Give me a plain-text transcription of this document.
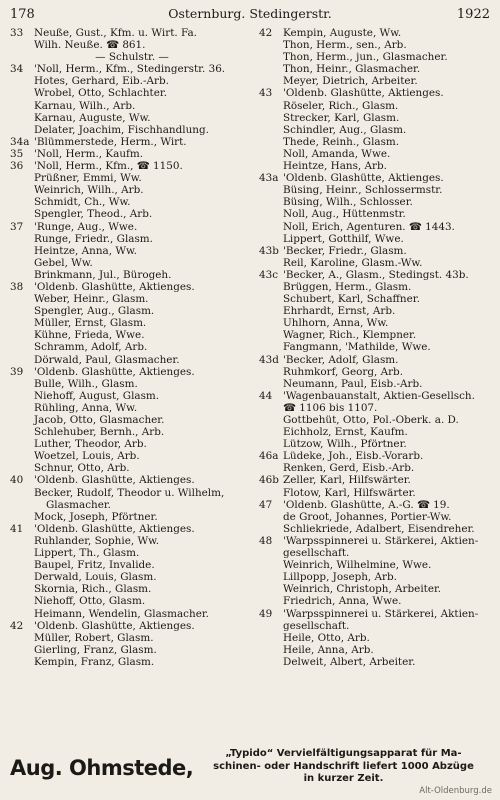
178	Osternburg. Stedingerstr.	1922
33 Neuße, Gust., Kfm. u. Wirt. Fa.
Wilh. Neuße. ☎ 861.
— Schulstr. —
34 'Noll, Herm., Kfm., Stedingerstr. 36.
Hotes, Gerhard, Eib.-Arb.
Wrobel, Otto, Schlachter.
Karnau, Wilh., Arb.
Karnau, Auguste, Ww.
Delater, Joachim, Fischhandlung.
34a 'Blümmerstede, Herm., Wirt.
35 'Noll, Herm., Kaufm.
36 'Noll, Herm., Kfm., ☎ 1150.
Prüßner, Emmi, Ww.
Weinrich, Wilh., Arb.
Schmidt, Ch., Ww.
Spengler, Theod., Arb.
37 'Runge, Aug., Wwe.
Runge, Friedr., Glasm.
Heintze, Anna, Ww.
Gebel, Ww.
Brinkmann, Jul., Bürogeh.
38 'Oldenb. Glashütte, Aktienges.
Weber, Heinr., Glasm.
Spengler, Aug., Glasm.
Müller, Ernst, Glasm.
Kühne, Frieda, Wwe.
Schramm, Adolf, Arb.
Dörwald, Paul, Glasmacher.
39 'Oldenb. Glashütte, Aktienges.
Bulle, Wilh., Glasm.
Niehoff, August, Glasm.
Rühling, Anna, Ww.
Jacob, Otto, Glasmacher.
Schlehuber, Bernh., Arb.
Luther, Theodor, Arb.
Woetzel, Louis, Arb.
Schnur, Otto, Arb.
40 'Oldenb. Glashütte, Aktienges.
Becker, Rudolf, Theodor u. Wilhelm,
Glasmacher.
Mock, Joseph, Pförtner.
41 'Oldenb. Glashütte, Aktienges.
Ruhlander, Sophie, Ww.
Lippert, Th., Glasm.
Baupel, Fritz, Invalide.
Derwald, Louis, Glasm.
Skornia, Rich., Glasm.
Niehoff, Otto, Glasm.
Heimann, Wendelin, Glasmacher.
42 'Oldenb. Glashütte, Aktienges.
Müller, Robert, Glasm.
Gierling, Franz, Glasm.
Kempin, Franz, Glasm.
42 Kempin, Auguste, Ww.
Thon, Herm., sen., Arb.
Thon, Herm., jun., Glasmacher.
Thon, Heinr., Glasmacher.
Meyer, Dietrich, Arbeiter.
43 'Oldenb. Glashütte, Aktienges.
Röseler, Rich., Glasm.
Strecker, Karl, Glasm.
Schindler, Aug., Glasm.
Thede, Reinh., Glasm.
Noll, Amanda, Wwe.
Heintze, Hans, Arb.
43a 'Oldenb. Glashütte, Aktienges.
Büsing, Heinr., Schlossermstr.
Büsing, Wilh., Schlosser.
Noll, Aug., Hüttenmstr.
Noll, Erich, Agenturen. ☎ 1443.
Lippert, Gotthilf, Wwe.
43b 'Becker, Friedr., Glasm.
Reil, Karoline, Glasm.-Ww.
43c 'Becker, A., Glasm., Stedingst. 43b.
Brüggen, Herm., Glasm.
Schubert, Karl, Schaffner.
Ehrhardt, Ernst, Arb.
Uhlhorn, Anna, Ww.
Wagner, Rich., Klempner.
Fangmann, 'Mathilde, Wwe.
43d 'Becker, Adolf, Glasm.
Ruhmkorf, Georg, Arb.
Neumann, Paul, Eisb.-Arb.
44 'Wagenbauanstalt, Aktien-Gesellsch.
☎ 1106 bis 1107.
Gottbehüt, Otto, Pol.-Oberk. a. D.
Eichholz, Ernst, Kaufm.
Lützow, Wilh., Pförtner.
46a Lüdeke, Joh., Eisb.-Vorarb.
Renken, Gerd, Eisb.-Arb.
46b Zeller, Karl, Hilfswärter.
Flotow, Karl, Hilfswärter.
47 'Oldenb. Glashütte, A.-G. ☎ 19.
de Groot, Johannes, Portier-Ww.
Schliekriede, Adalbert, Eisendreher.
48 'Warpsspinnerei u. Stärkerei, Aktien-
gesellschaft.
Weinrich, Wilhelmine, Wwe.
Lillpopp, Joseph, Arb.
Weinrich, Christoph, Arbeiter.
Friedrich, Anna, Wwe.
49 'Warpsspinnerei u. Stärkerei, Aktien-
gesellschaft.
Heile, Otto, Arb.
Heile, Anna, Arb.
Delweit, Albert, Arbeiter.
Aug. Ohmstede,
„Typido“ Vervielfältigungsapparat für Ma-
schinen- oder Handschrift liefert 1000 Abzüge
in kurzer Zeit.
Alt-Oldenburg.de
